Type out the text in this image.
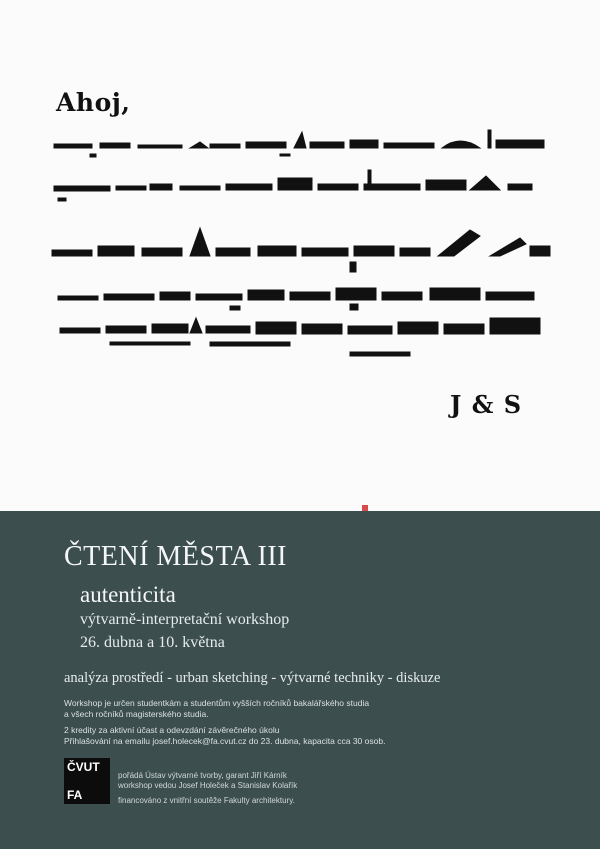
Ahoj,
J & S
ČTENÍ MĚSTA III
autenticita
výtvarně-interpretační workshop
26. dubna a 10. května
analýza prostředí - urban sketching - výtvarné techniky - diskuze
Workshop je určen studentkám a studentům vyšších ročníků bakalářského studia
a všech ročníků magisterského studia.
2 kredity za aktivní účast a odevzdání závěrečného úkolu
Přihlašování na emailu josef.holecek@fa.cvut.cz do 23. dubna, kapacita cca 30 osob.
ČVUT
FA
pořádá Ústav výtvarné tvorby, garant Jiří Kárník
workshop vedou Josef Holeček a Stanislav Kolařík
financováno z vnitřní soutěže Fakulty architektury.
